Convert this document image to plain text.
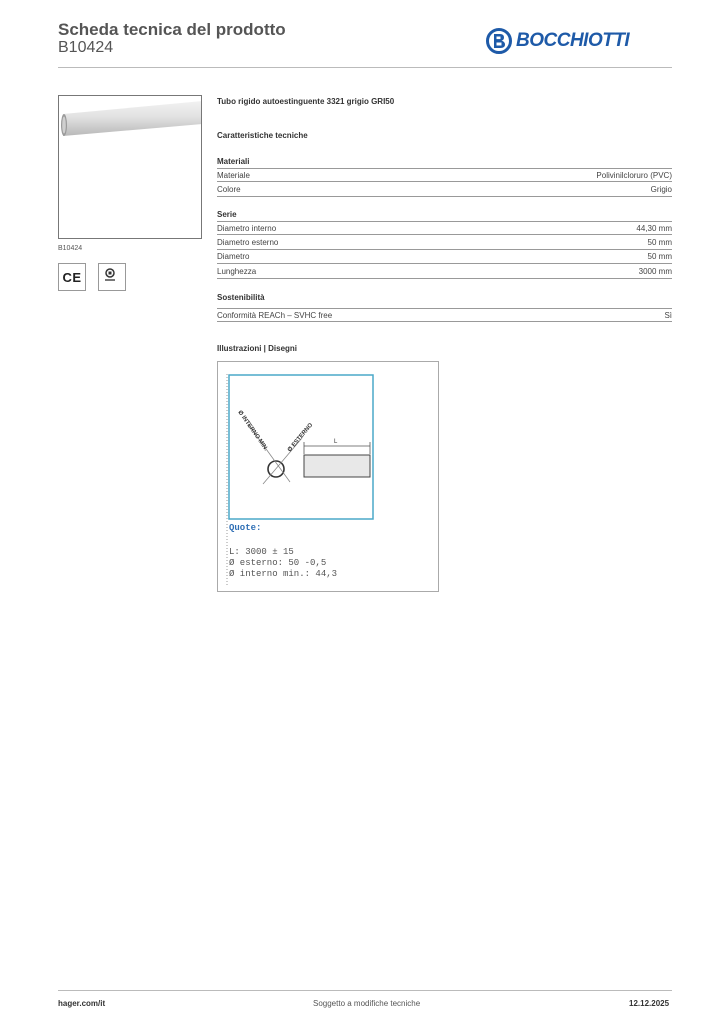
Scheda tecnica del prodotto
B10424	BOCCHIOTTI
B10424
CE
Tubo rigido autoestinguente 3321 grigio GRI50
Caratteristiche tecniche
Materiali
Materiale	Polivinilcloruro (PVC)
Colore	Grigio
Serie
Diametro interno	44,30 mm
Diametro esterno	50 mm
Diametro	50 mm
Lunghezza	3000 mm
Sostenibilità
Conformità REACh – SVHC free	Sì
Illustrazioni | Disegni
Ø INTERNO MIN.	Ø ESTERNO	L
Quote:
L: 3000 ± 15
Ø esterno: 50 -0,5
Ø interno min.: 44,3
hager.com/it	Soggetto a modifiche tecniche	12.12.2025
